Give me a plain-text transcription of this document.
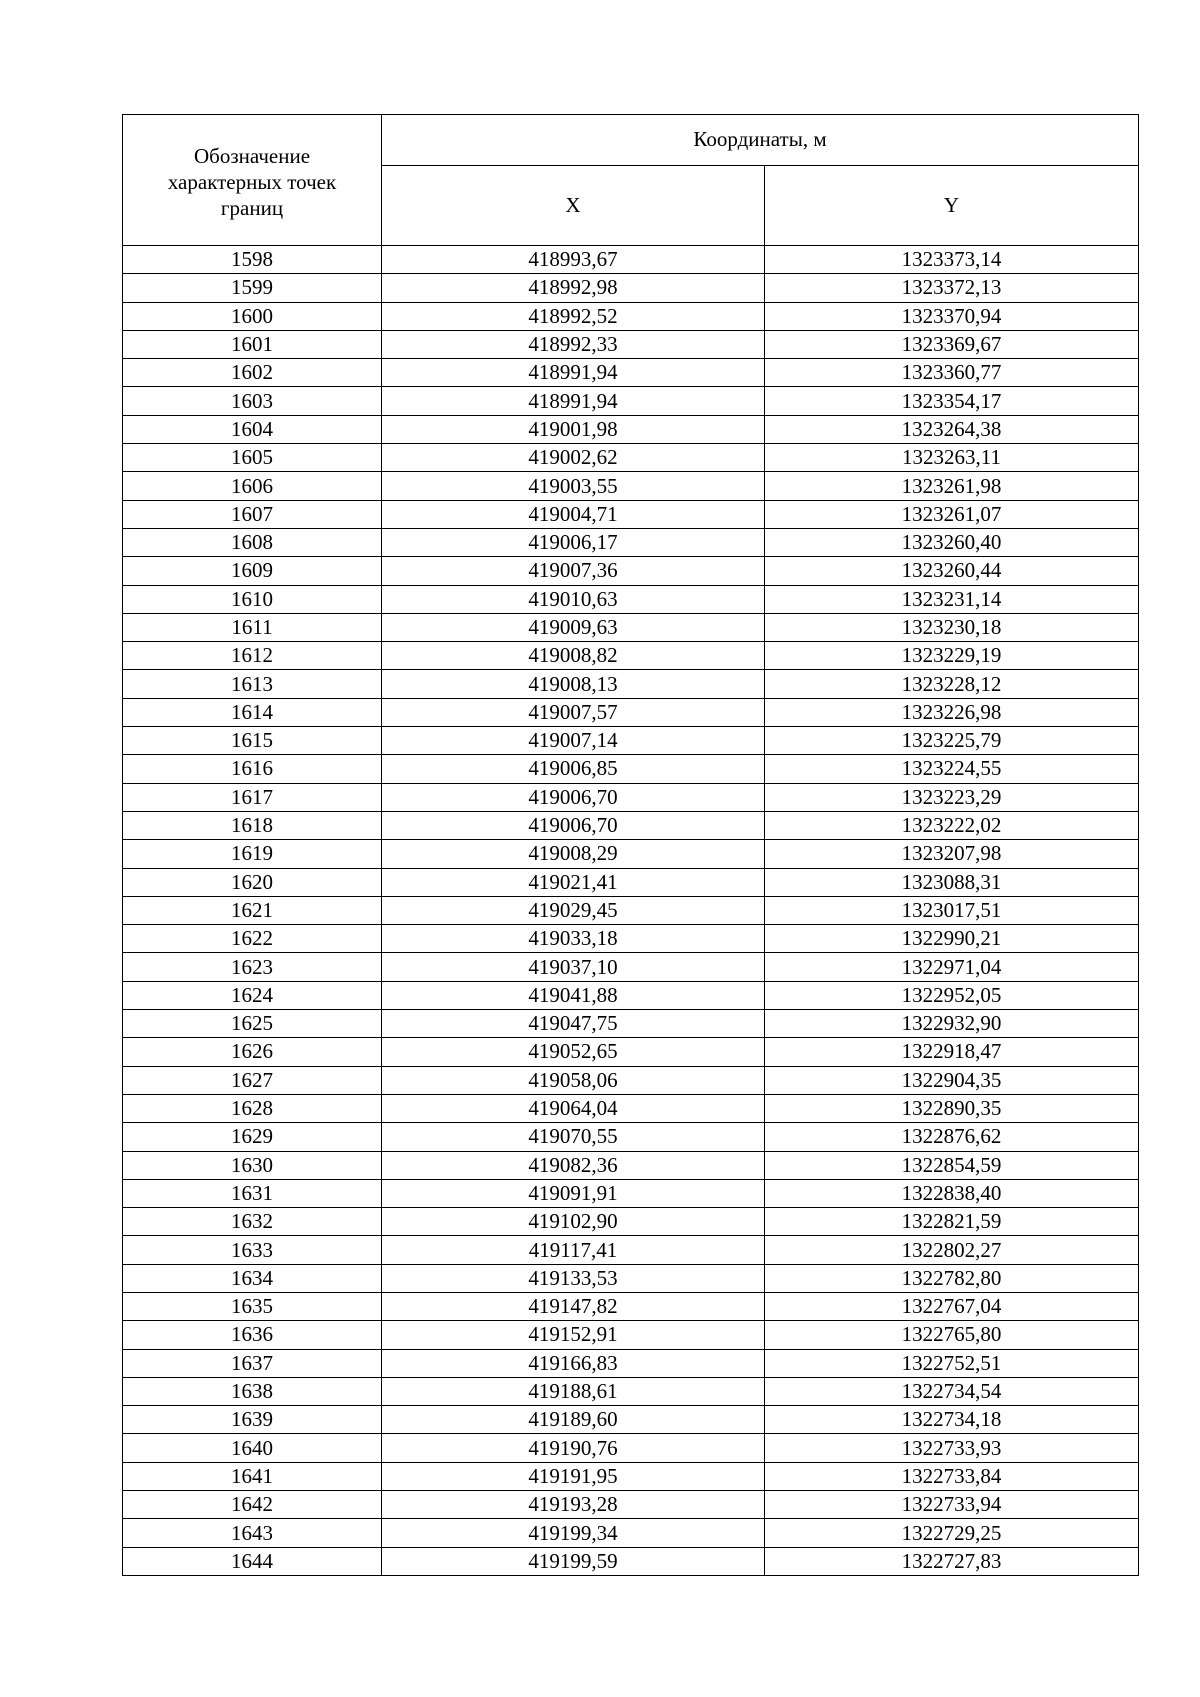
Обозначение
характерных точек
границ	Координаты, м	
	X	Y
1598	418993,67	1323373,14
1599	418992,98	1323372,13
1600	418992,52	1323370,94
1601	418992,33	1323369,67
1602	418991,94	1323360,77
1603	418991,94	1323354,17
1604	419001,98	1323264,38
1605	419002,62	1323263,11
1606	419003,55	1323261,98
1607	419004,71	1323261,07
1608	419006,17	1323260,40
1609	419007,36	1323260,44
1610	419010,63	1323231,14
1611	419009,63	1323230,18
1612	419008,82	1323229,19
1613	419008,13	1323228,12
1614	419007,57	1323226,98
1615	419007,14	1323225,79
1616	419006,85	1323224,55
1617	419006,70	1323223,29
1618	419006,70	1323222,02
1619	419008,29	1323207,98
1620	419021,41	1323088,31
1621	419029,45	1323017,51
1622	419033,18	1322990,21
1623	419037,10	1322971,04
1624	419041,88	1322952,05
1625	419047,75	1322932,90
1626	419052,65	1322918,47
1627	419058,06	1322904,35
1628	419064,04	1322890,35
1629	419070,55	1322876,62
1630	419082,36	1322854,59
1631	419091,91	1322838,40
1632	419102,90	1322821,59
1633	419117,41	1322802,27
1634	419133,53	1322782,80
1635	419147,82	1322767,04
1636	419152,91	1322765,80
1637	419166,83	1322752,51
1638	419188,61	1322734,54
1639	419189,60	1322734,18
1640	419190,76	1322733,93
1641	419191,95	1322733,84
1642	419193,28	1322733,94
1643	419199,34	1322729,25
1644	419199,59	1322727,83
